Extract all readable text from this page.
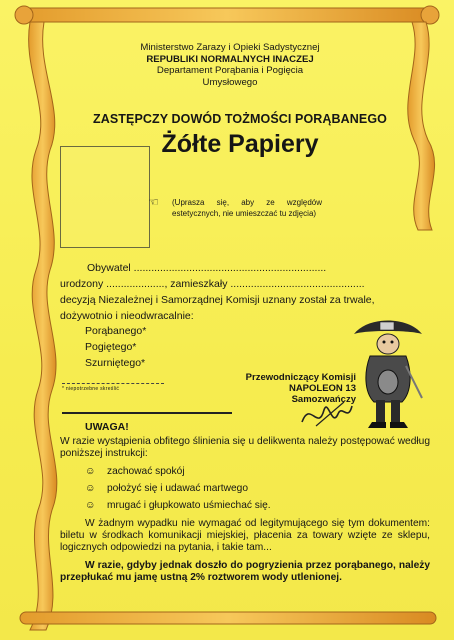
Ministerstwo Zarazy i Opieki Sadystycznej
REPUBLIKI NORMALNYCH INACZEJ
Departament Porąbania i Pogięcia
Umysłowego
ZASTĘPCZY DOWÓD TOŻMOŚCI PORĄBANEGO
Żółte Papiery
☜ (Uprasza się, aby ze względów estetycznych, nie umieszczać tu zdjęcia)
Obywatel ..................................................................
urodzony ...................., zamieszkały ..............................................
decyzją Niezależnej i Samorządnej Komisji uznany został za trwale,
dożywotnio i nieodwracalnie:
Porąbanego*
Pogiętego*
Szurniętego*
* niepotrzebne skreślić
Przewodniczący Komisji
NAPOLEON 13
Samozwańczy
UWAGA!
W razie wystąpienia obfitego ślinienia się u delikwenta należy postępować według poniższej instrukcji:
☺ zachować spokój
☺ położyć się i udawać martwego
☺ mrugać i głupkowato uśmiechać się.
W żadnym wypadku nie wymagać od legitymującego się tym dokumentem: biletu w środkach komunikacji miejskiej, płacenia za towary wzięte ze sklepu, logicznych odpowiedzi na pytania, i takie tam...
W razie, gdyby jednak doszło do pogryzienia przez porąbanego, należy przepłukać mu jamę ustną 2% roztworem wody utlenionej.
